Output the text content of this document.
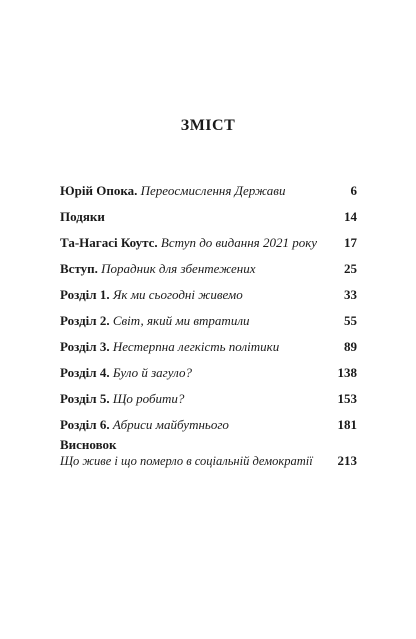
ЗМІСТ
Юрій Опока. Переосмислення Держави	6
Подяки	14
Та-Нагасі Коутс. Вступ до видання 2021 року 17
Вступ. Порадник для збентежених	25
Розділ 1. Як ми сьогодні живемо	33
Розділ 2. Світ, який ми втратили	55
Розділ 3. Нестерпна легкість політики	89
Розділ 4. Було й загуло?	138
Розділ 5. Що робити?	153
Розділ 6. Абриси майбутнього	181
Висновок
Що живе і що померло в соціальній демократії	213
